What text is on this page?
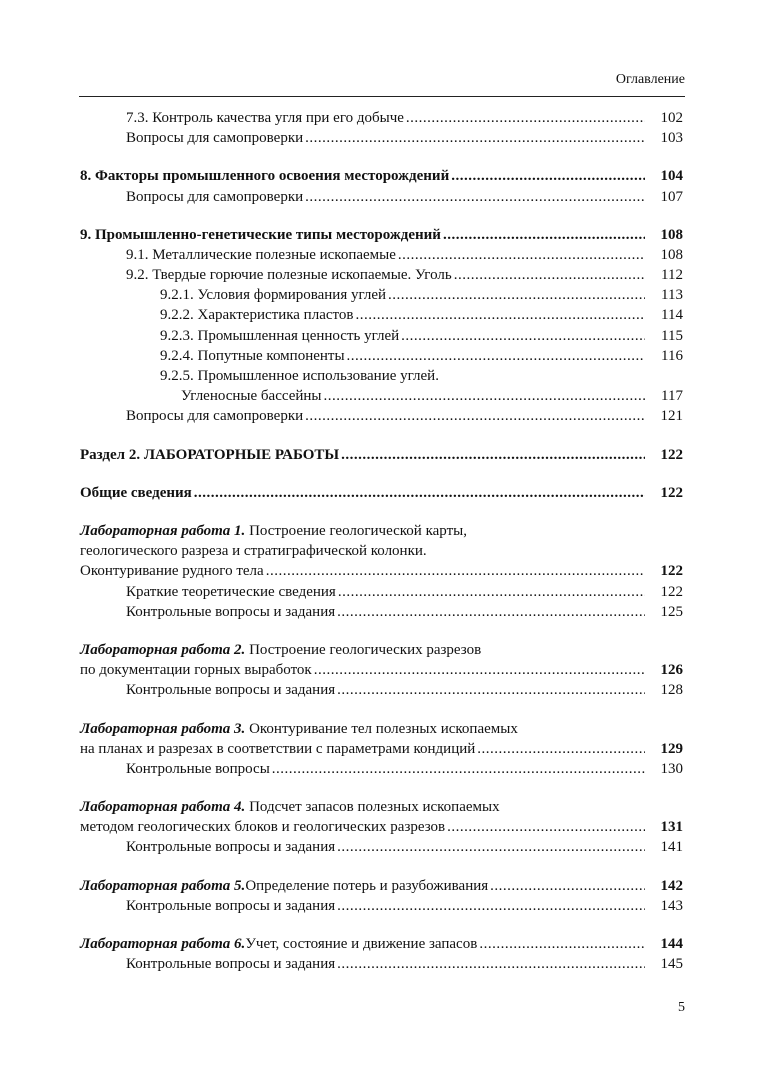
Оглавление
7.3. Контроль качества угля при его добыче .....	102
Вопросы для самопроверки .....	103
8. Факторы промышленного освоения месторождений .....	104
Вопросы для самопроверки .....	107
9. Промышленно-генетические типы месторождений .....	108
9.1. Металлические полезные ископаемые .....	108
9.2. Твердые горючие полезные ископаемые. Уголь .....	112
9.2.1. Условия формирования углей .....	113
9.2.2. Характеристика пластов .....	114
9.2.3. Промышленная ценность углей .....	115
9.2.4. Попутные компоненты .....	116
9.2.5. Промышленное использование углей.
Угленосные бассейны .....	117
Вопросы для самопроверки .....	121
Раздел 2. ЛАБОРАТОРНЫЕ РАБОТЫ .....	122
Общие сведения .....	122
Лабораторная работа 1. Построение геологической карты,
геологического разреза и стратиграфической колонки.
Оконтуривание рудного тела .....	122
Краткие теоретические сведения .....	122
Контрольные вопросы и задания .....	125
Лабораторная работа 2. Построение геологических разрезов
по документации горных выработок .....	126
Контрольные вопросы и задания .....	128
Лабораторная работа 3. Оконтуривание тел полезных ископаемых
на планах и разрезах в соответствии с параметрами кондиций .....	129
Контрольные вопросы .....	130
Лабораторная работа 4. Подсчет запасов полезных ископаемых
методом геологических блоков и геологических разрезов .....	131
Контрольные вопросы и задания .....	141
Лабораторная работа 5. Определение потерь и разубоживания .....	142
Контрольные вопросы и задания .....	143
Лабораторная работа 6. Учет, состояние и движение запасов .....	144
Контрольные вопросы и задания .....	145
5
